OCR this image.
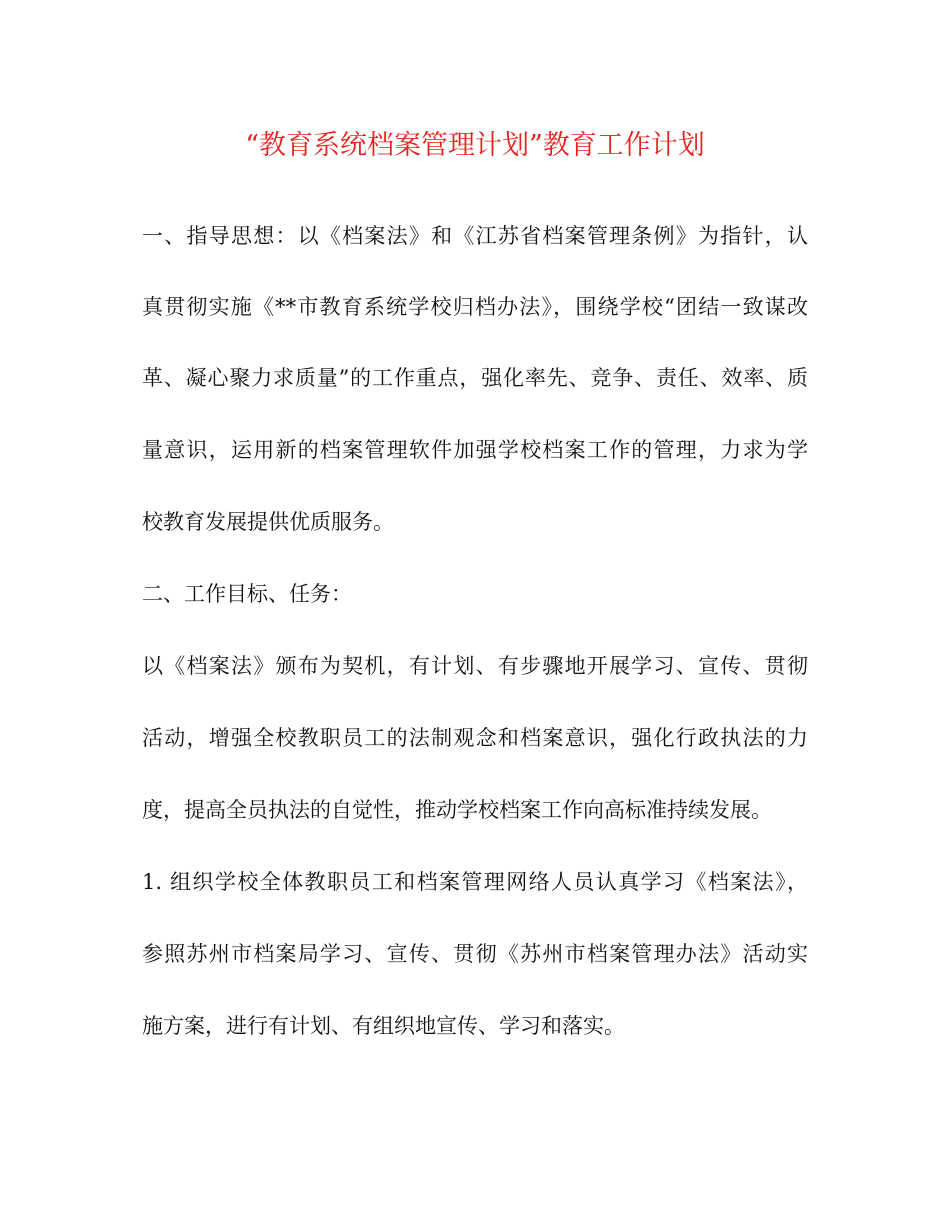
“教育系统档案管理计划”教育工作计划
一、指导思想：以《档案法》和《江苏省档案管理条例》为指针，认
真贯彻实施《**市教育系统学校归档办法》，围绕学校“团结一致谋改
革、凝心聚力求质量”的工作重点，强化率先、竞争、责任、效率、质
量意识，运用新的档案管理软件加强学校档案工作的管理，力求为学
校教育发展提供优质服务。
二、工作目标、任务：
以《档案法》颁布为契机，有计划、有步骤地开展学习、宣传、贯彻
活动，增强全校教职员工的法制观念和档案意识，强化行政执法的力
度，提高全员执法的自觉性，推动学校档案工作向高标准持续发展。
1. 组织学校全体教职员工和档案管理网络人员认真学习《档案法》，
参照苏州市档案局学习、宣传、贯彻《苏州市档案管理办法》活动实
施方案，进行有计划、有组织地宣传、学习和落实。
